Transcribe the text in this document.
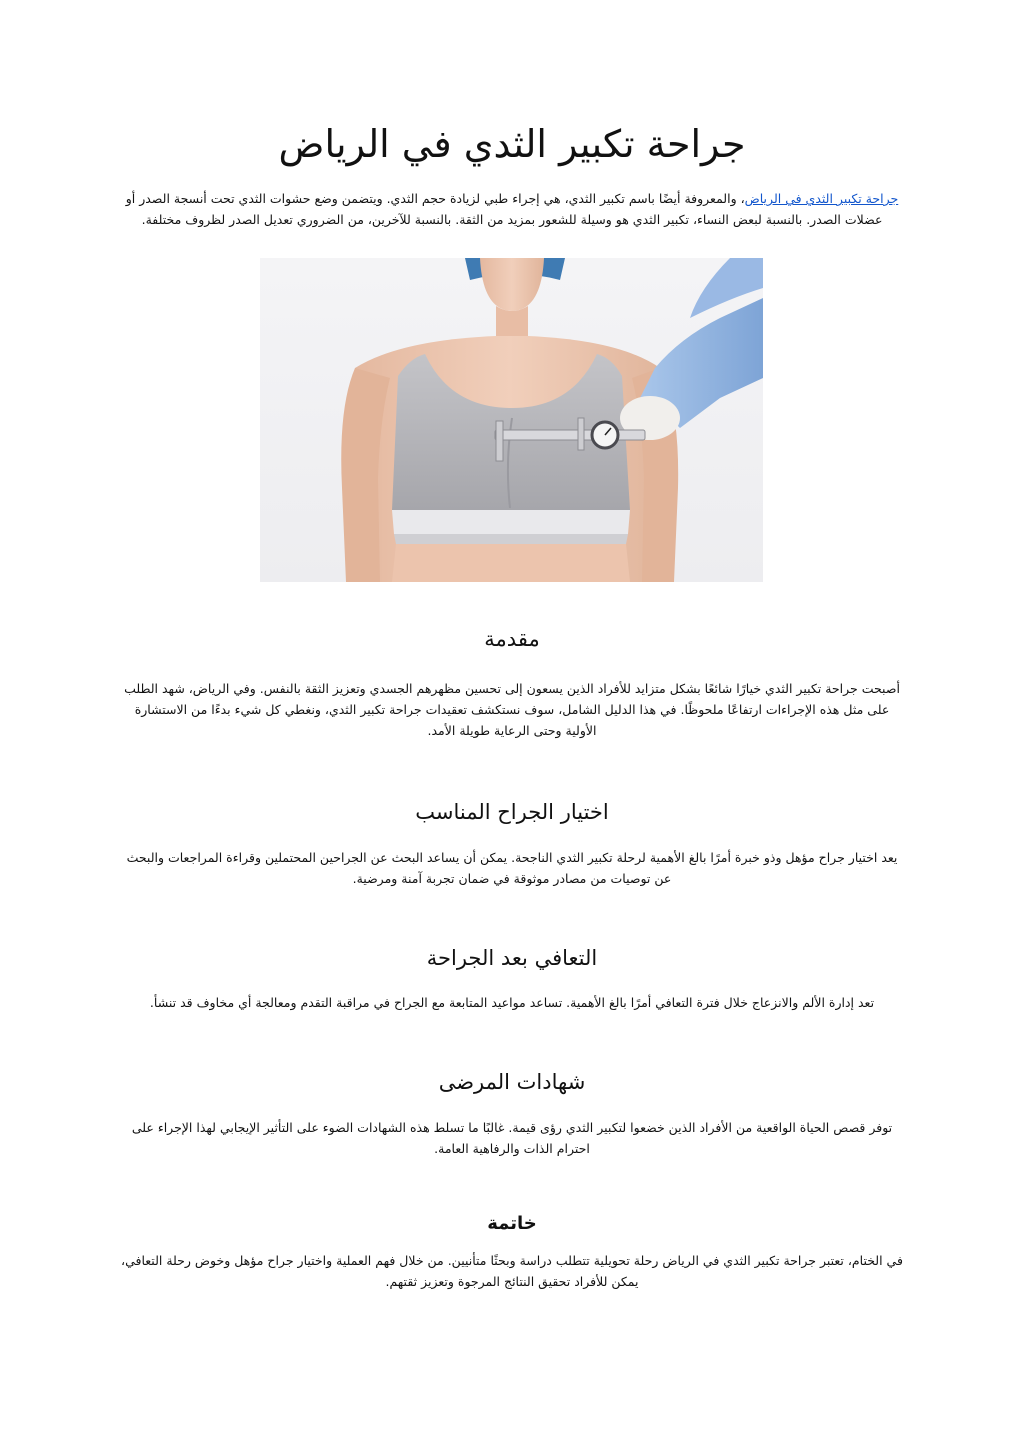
جراحة تكبير الثدي في الرياض

جراحة تكبير الثدي في الرياض، والمعروفة أيضًا باسم تكبير الثدي، هي إجراء طبي لزيادة حجم الثدي. ويتضمن وضع حشوات الثدي تحت أنسجة الصدر أو عضلات الصدر. بالنسبة لبعض النساء، تكبير الثدي هو وسيلة للشعور بمزيد من الثقة. بالنسبة للآخرين، من الضروري تعديل الصدر لظروف مختلفة.

مقدمة

أصبحت جراحة تكبير الثدي خيارًا شائعًا بشكل متزايد للأفراد الذين يسعون إلى تحسين مظهرهم الجسدي وتعزيز الثقة بالنفس. وفي الرياض، شهد الطلب على مثل هذه الإجراءات ارتفاعًا ملحوظًا. في هذا الدليل الشامل، سوف نستكشف تعقيدات جراحة تكبير الثدي، ونغطي كل شيء بدءًا من الاستشارة الأولية وحتى الرعاية طويلة الأمد.

اختيار الجراح المناسب

يعد اختيار جراح مؤهل وذو خبرة أمرًا بالغ الأهمية لرحلة تكبير الثدي الناجحة. يمكن أن يساعد البحث عن الجراحين المحتملين وقراءة المراجعات والبحث عن توصيات من مصادر موثوقة في ضمان تجربة آمنة ومرضية.

التعافي بعد الجراحة

تعد إدارة الألم والانزعاج خلال فترة التعافي أمرًا بالغ الأهمية. تساعد مواعيد المتابعة مع الجراح في مراقبة التقدم ومعالجة أي مخاوف قد تنشأ.

شهادات المرضى

توفر قصص الحياة الواقعية من الأفراد الذين خضعوا لتكبير الثدي رؤى قيمة. غالبًا ما تسلط هذه الشهادات الضوء على التأثير الإيجابي لهذا الإجراء على احترام الذات والرفاهية العامة.

خاتمة

في الختام، تعتبر جراحة تكبير الثدي في الرياض رحلة تحويلية تتطلب دراسة وبحثًا متأنيين. من خلال فهم العملية واختيار جراح مؤهل وخوض رحلة التعافي، يمكن للأفراد تحقيق النتائج المرجوة وتعزيز ثقتهم.
